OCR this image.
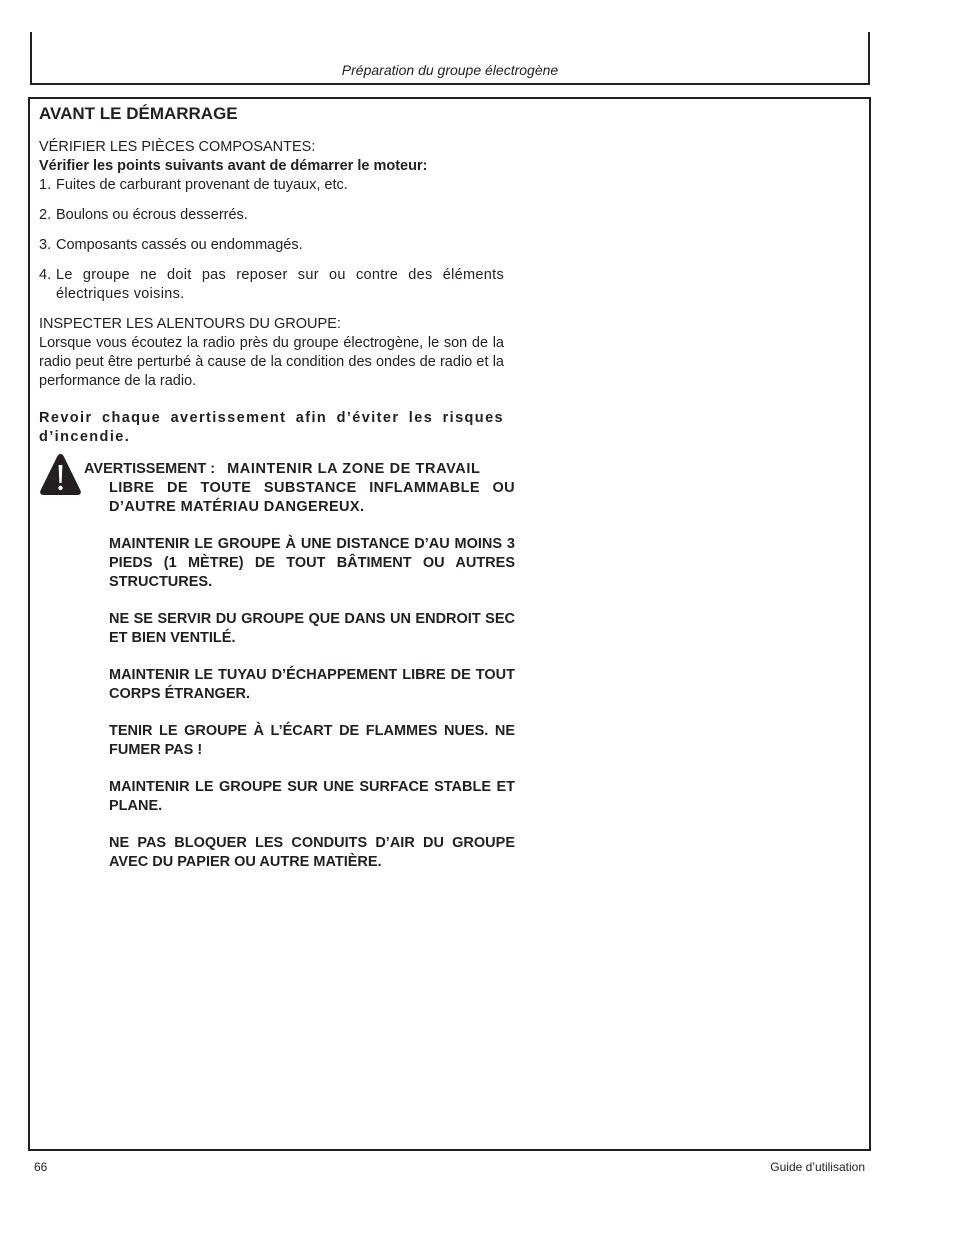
Préparation du groupe électrogène
AVANT LE DÉMARRAGE

VÉRIFIER LES PIÈCES COMPOSANTES:

Vérifier les points suivants avant de démarrer le moteur:

1. Fuites de carburant provenant de tuyaux, etc.
2. Boulons ou écrous desserrés.
3. Composants cassés ou endommagés.
4. Le groupe ne doit pas reposer sur ou contre des éléments électriques voisins.

INSPECTER LES ALENTOURS DU GROUPE:

Lorsque vous écoutez la radio près du groupe électrogène, le son de la radio peut être perturbé à cause de la condition des ondes de radio et la performance de la radio.

Revoir chaque avertissement afin d’éviter les risques d’incendie.

AVERTISSEMENT : MAINTENIR LA ZONE DE TRAVAIL
LIBRE DE TOUTE SUBSTANCE INFLAMMABLE OU D’AUTRE MATÉRIAU DANGEREUX.

MAINTENIR LE GROUPE À UNE DISTANCE D’AU MOINS 3 PIEDS (1 MÈTRE) DE TOUT BÂTIMENT OU AUTRES STRUCTURES.

NE SE SERVIR DU GROUPE QUE DANS UN ENDROIT SEC ET BIEN VENTILÉ.

MAINTENIR LE TUYAU D’ÉCHAPPEMENT LIBRE DE TOUT CORPS ÉTRANGER.

TENIR LE GROUPE À L’ÉCART DE FLAMMES NUES. NE FUMER PAS !

MAINTENIR LE GROUPE SUR UNE SURFACE STABLE ET PLANE.

NE PAS BLOQUER LES CONDUITS D’AIR DU GROUPE AVEC DU PAPIER OU AUTRE MATIÈRE.

66	Guide d’utilisation
